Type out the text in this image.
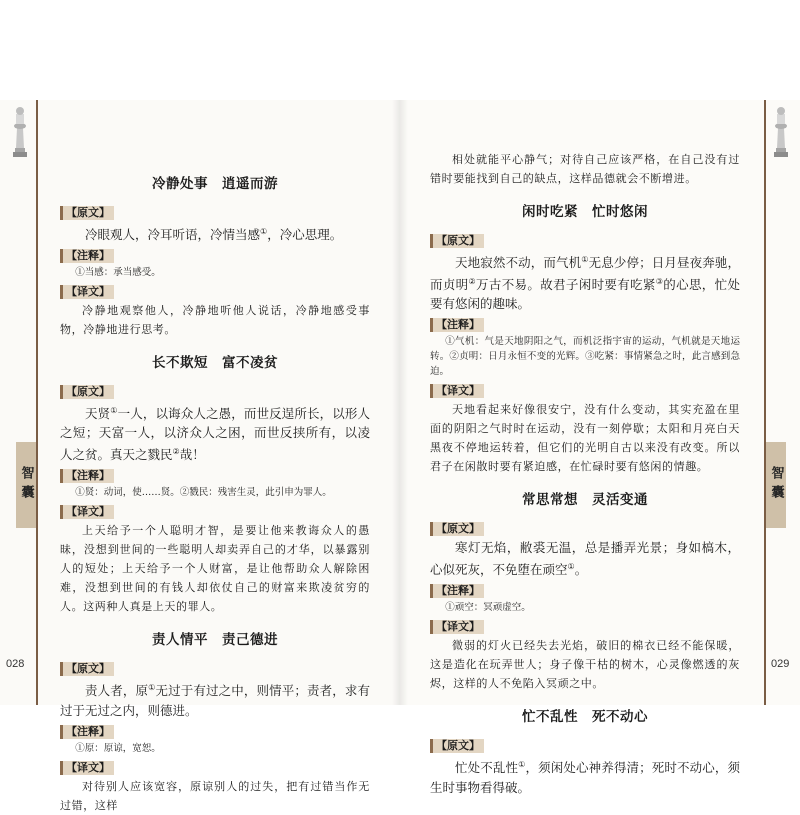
智囊	智囊
028	029
冷静处事 逍遥而游
【原文】

冷眼观人，冷耳听语，冷情当感①，冷心思理。

【注释】

①当感：承当感受。

【译文】

冷静地观察他人，冷静地听他人说话，冷静地感受事物，冷静地进行思考。

长不欺短 富不凌贫
【原文】

天贤①一人，以诲众人之愚，而世反逞所长，以形人之短；天富一人，以济众人之困，而世反挟所有，以凌人之贫。真天之戮民②哉！

【注释】

①贤：动词，使……贤。②戮民：残害生灵，此引申为罪人。

【译文】

上天给予一个人聪明才智，是要让他来教诲众人的愚昧，没想到世间的一些聪明人却卖弄自己的才华，以暴露别人的短处；上天给予一个人财富，是让他帮助众人解除困难，没想到世间的有钱人却依仗自己的财富来欺凌贫穷的人。这两种人真是上天的罪人。

责人情平 责己德进
【原文】

责人者，原①无过于有过之中，则情平；责者，求有过于无过之内，则德进。

【注释】

①原：原谅，宽恕。

【译文】

对待别人应该宽容，原谅别人的过失，把有过错当作无过错，这样

相处就能平心静气；对待自己应该严格，在自己没有过错时要能找到自己的缺点，这样品德就会不断增进。

闲时吃紧 忙时悠闲
【原文】

天地寂然不动，而气机①无息少停；日月昼夜奔驰，而贞明②万古不易。故君子闲时要有吃紧③的心思，忙处要有悠闲的趣味。

【注释】

①气机：气是天地阴阳之气，而机泛指宇宙的运动，气机就是天地运转。②贞明：日月永恒不变的光辉。③吃紧：事情紧急之时，此言感到急迫。

【译文】

天地看起来好像很安宁，没有什么变动，其实充盈在里面的阴阳之气时时在运动，没有一刻停歇；太阳和月亮白天黑夜不停地运转着，但它们的光明自古以来没有改变。所以君子在闲散时要有紧迫感，在忙碌时要有悠闲的情趣。

常思常想 灵活变通
【原文】

寒灯无焰，敝裘无温，总是播弄光景；身如槁木，心似死灰，不免堕在顽空①。

【注释】

①顽空：冥顽虚空。

【译文】

微弱的灯火已经失去光焰，破旧的棉衣已经不能保暖，这是造化在玩弄世人；身子像干枯的树木，心灵像燃透的灰烬，这样的人不免陷入冥顽之中。

忙不乱性 死不动心
【原文】

忙处不乱性①，须闲处心神养得清；死时不动心，须生时事物看得破。
